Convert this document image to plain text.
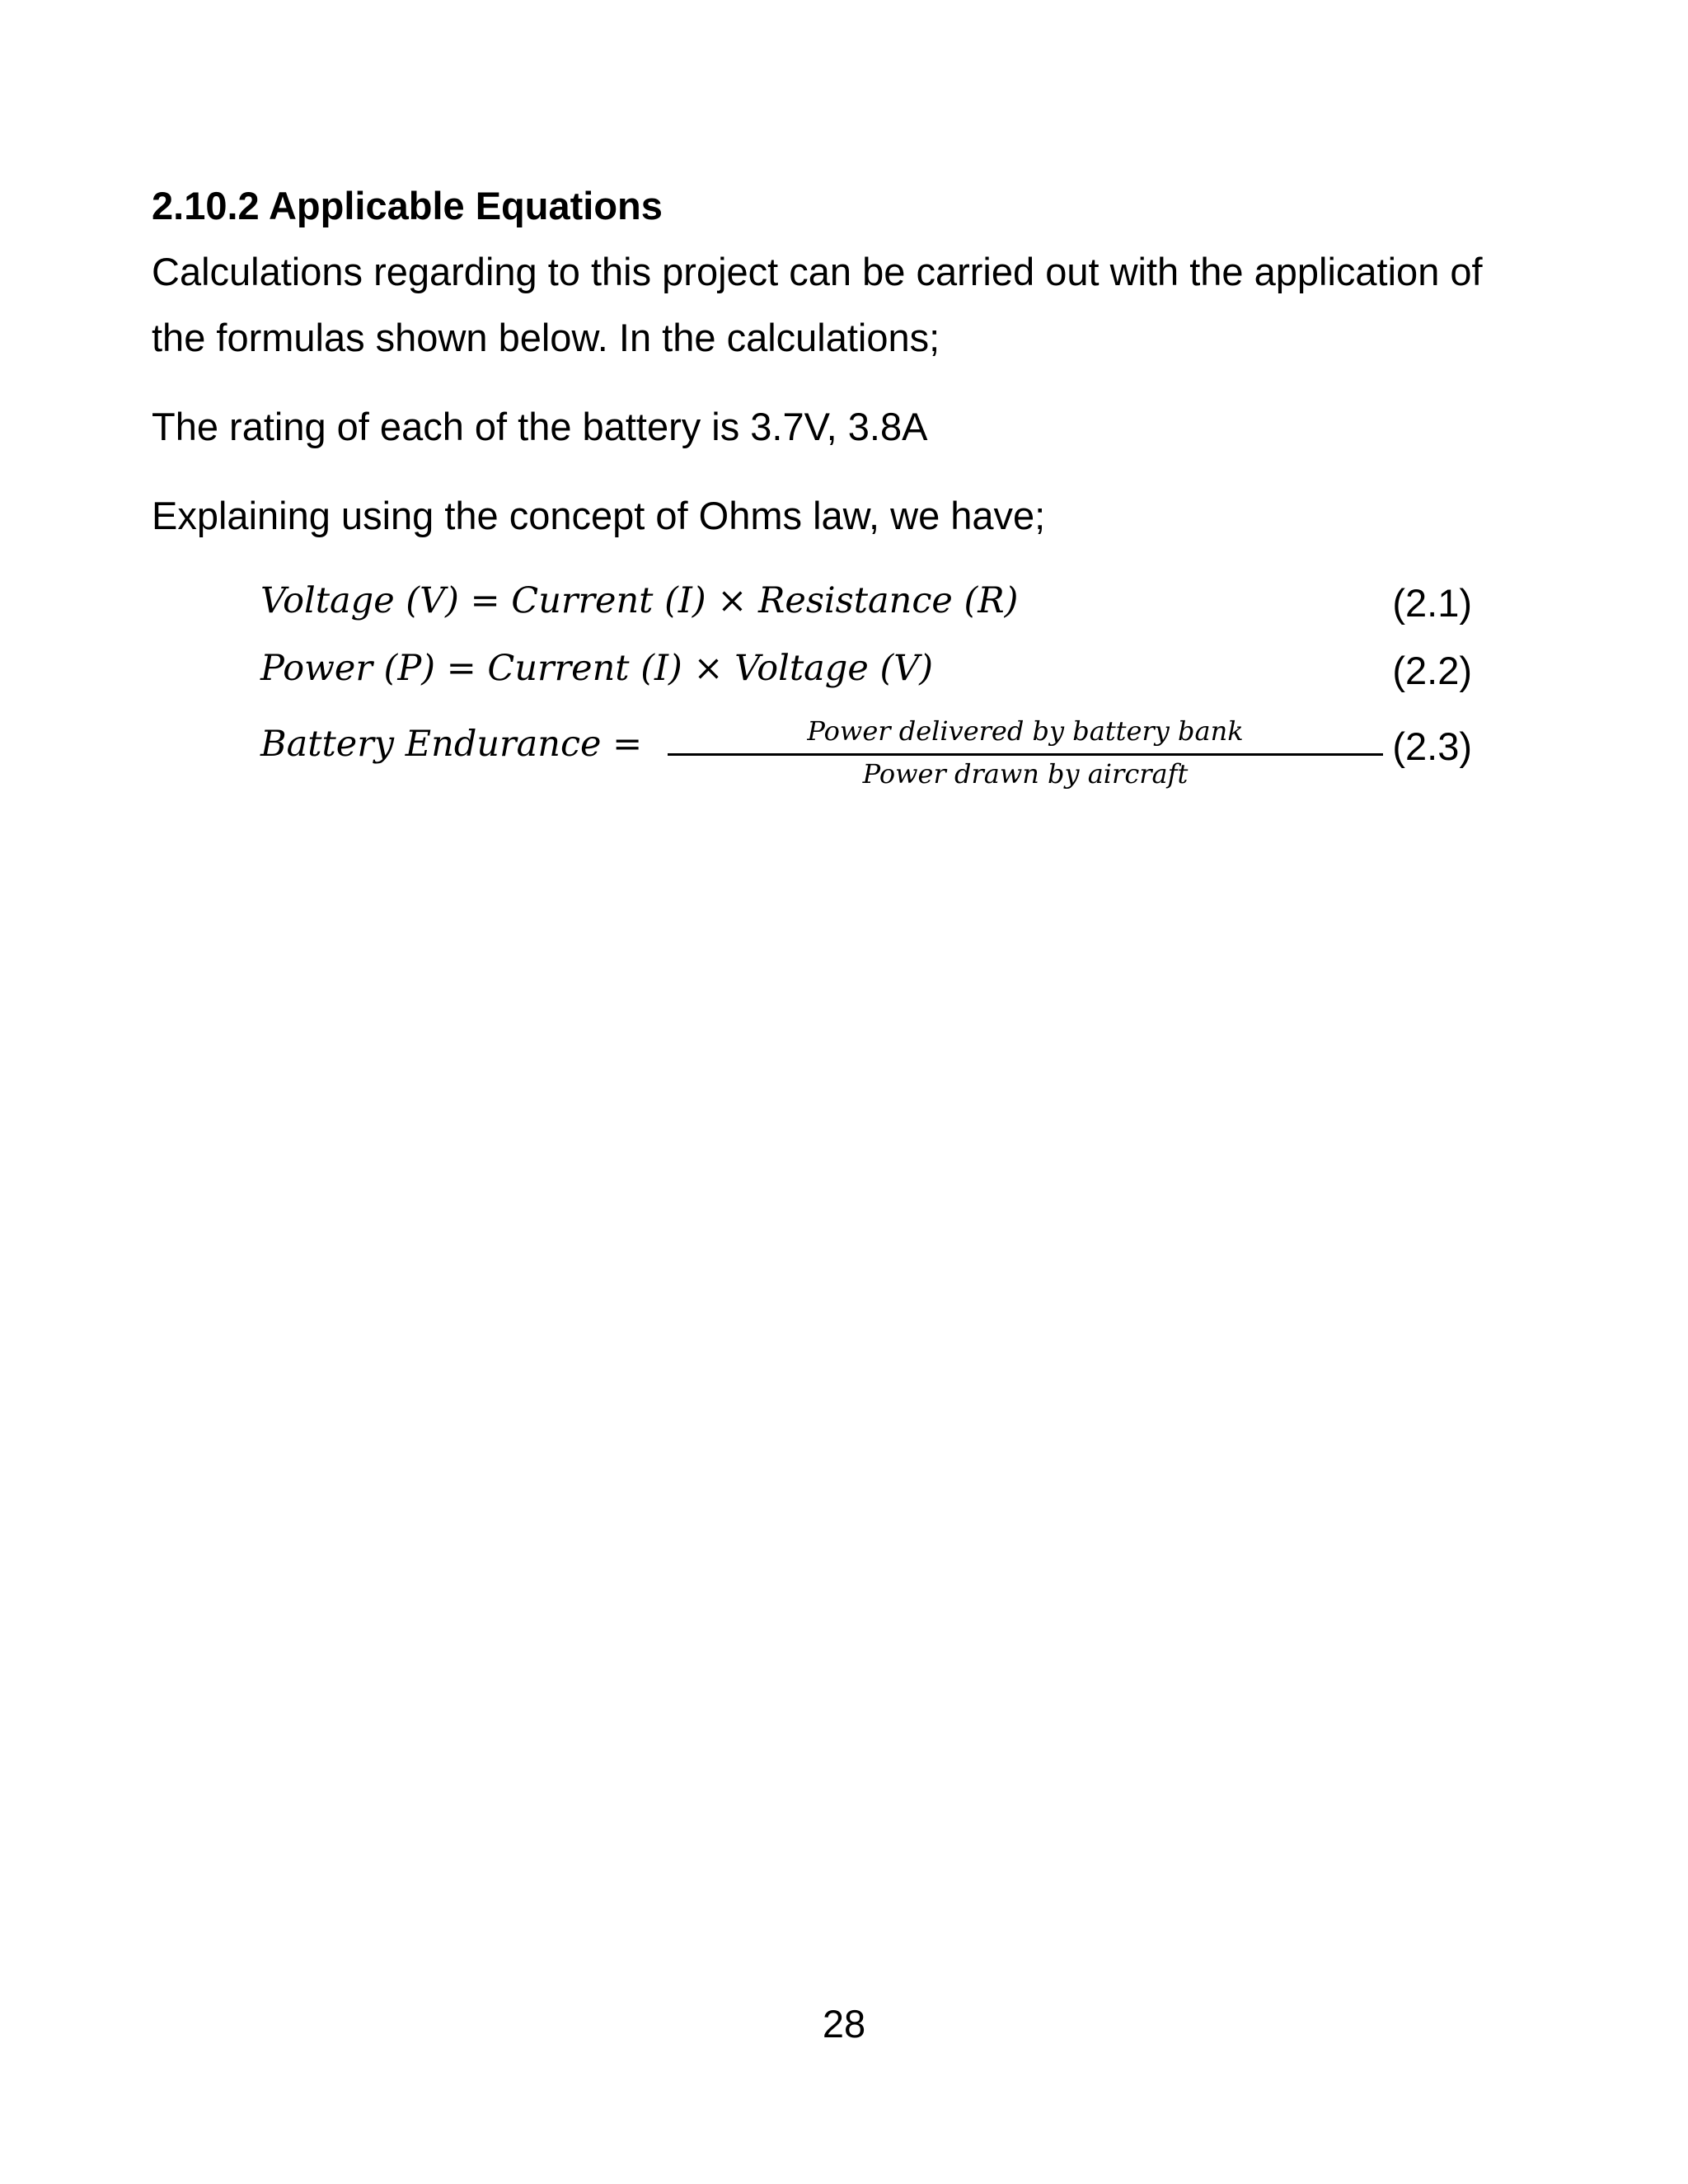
2.10.2 Applicable Equations
Calculations regarding to this project can be carried out with the application of
the formulas shown below. In the calculations;
The rating of each of the battery is 3.7V, 3.8A
Explaining using the concept of Ohms law, we have;
Voltage (V) = Current (I) × Resistance (R)	(2.1)
Power (P) = Current (I) × Voltage (V)	(2.2)
Battery Endurance =	Power delivered by battery bank
Power drawn by aircraft
(2.3)
28
